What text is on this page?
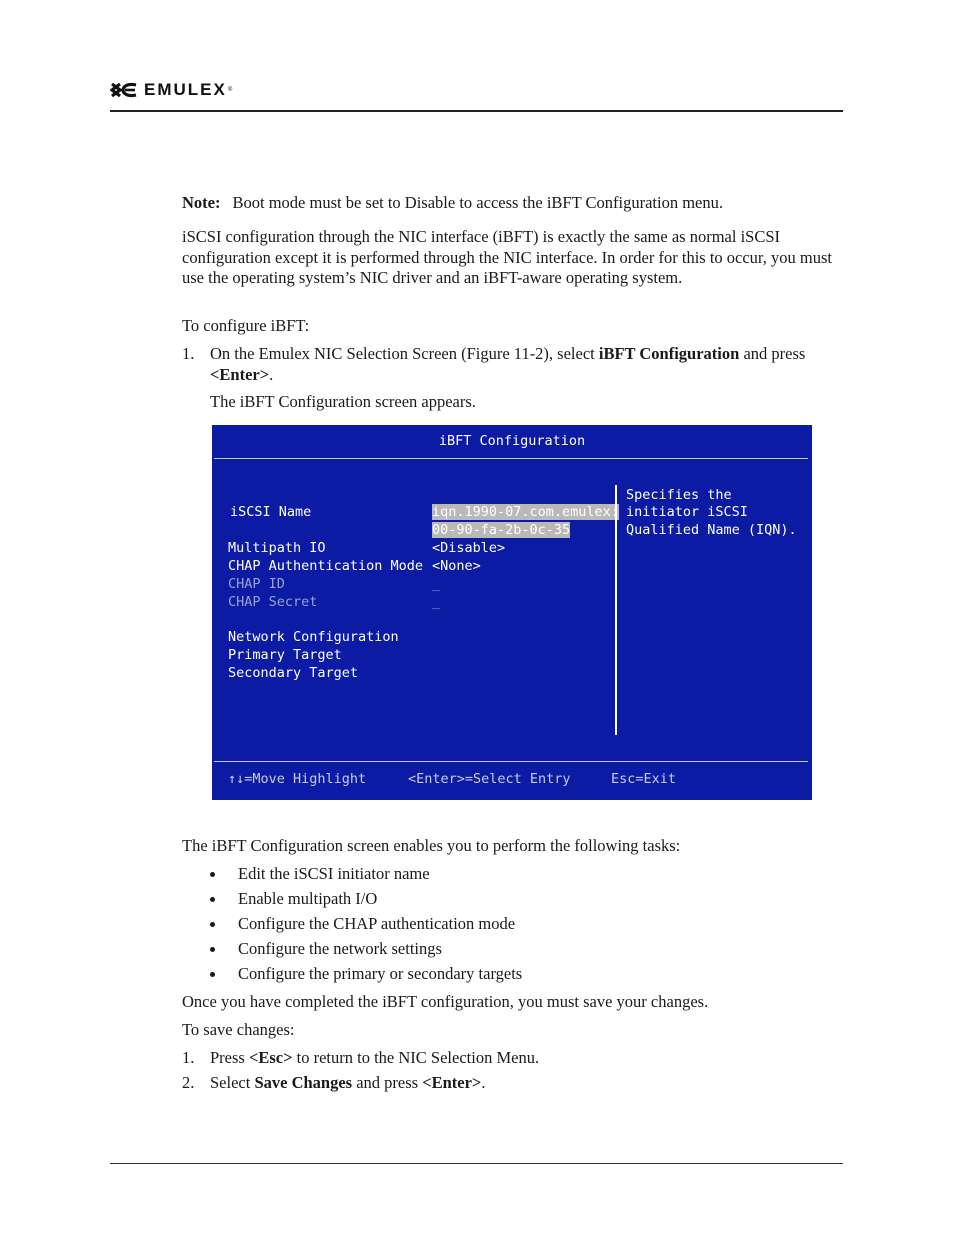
EMULEX ®
Note: Boot mode must be set to Disable to access the iBFT Configuration menu.
iSCSI configuration through the NIC interface (iBFT) is exactly the same as normal iSCSI configuration except it is performed through the NIC interface. In order for this to occur, you must use the operating system’s NIC driver and an iBFT-aware operating system.
To configure iBFT:
1. On the Emulex NIC Selection Screen (Figure 11-2), select iBFT Configuration and press <Enter>.
The iBFT Configuration screen appears.
iBFT Configuration
iSCSI Name	iqn.1990-07.com.emulex:
00-90-fa-2b-0c-35
Multipath IO	<Disable>
CHAP Authentication Mode <None>
CHAP ID	_
CHAP Secret	_
Network Configuration
Primary Target
Secondary Target
Specifies the
initiator iSCSI
Qualified Name (IQN).
↑↓=Move Highlight	<Enter>=Select Entry	Esc=Exit
The iBFT Configuration screen enables you to perform the following tasks:
Edit the iSCSI initiator name
Enable multipath I/O
Configure the CHAP authentication mode
Configure the network settings
Configure the primary or secondary targets
Once you have completed the iBFT configuration, you must save your changes.
To save changes:
1. Press <Esc> to return to the NIC Selection Menu.
2. Select Save Changes and press <Enter>.
